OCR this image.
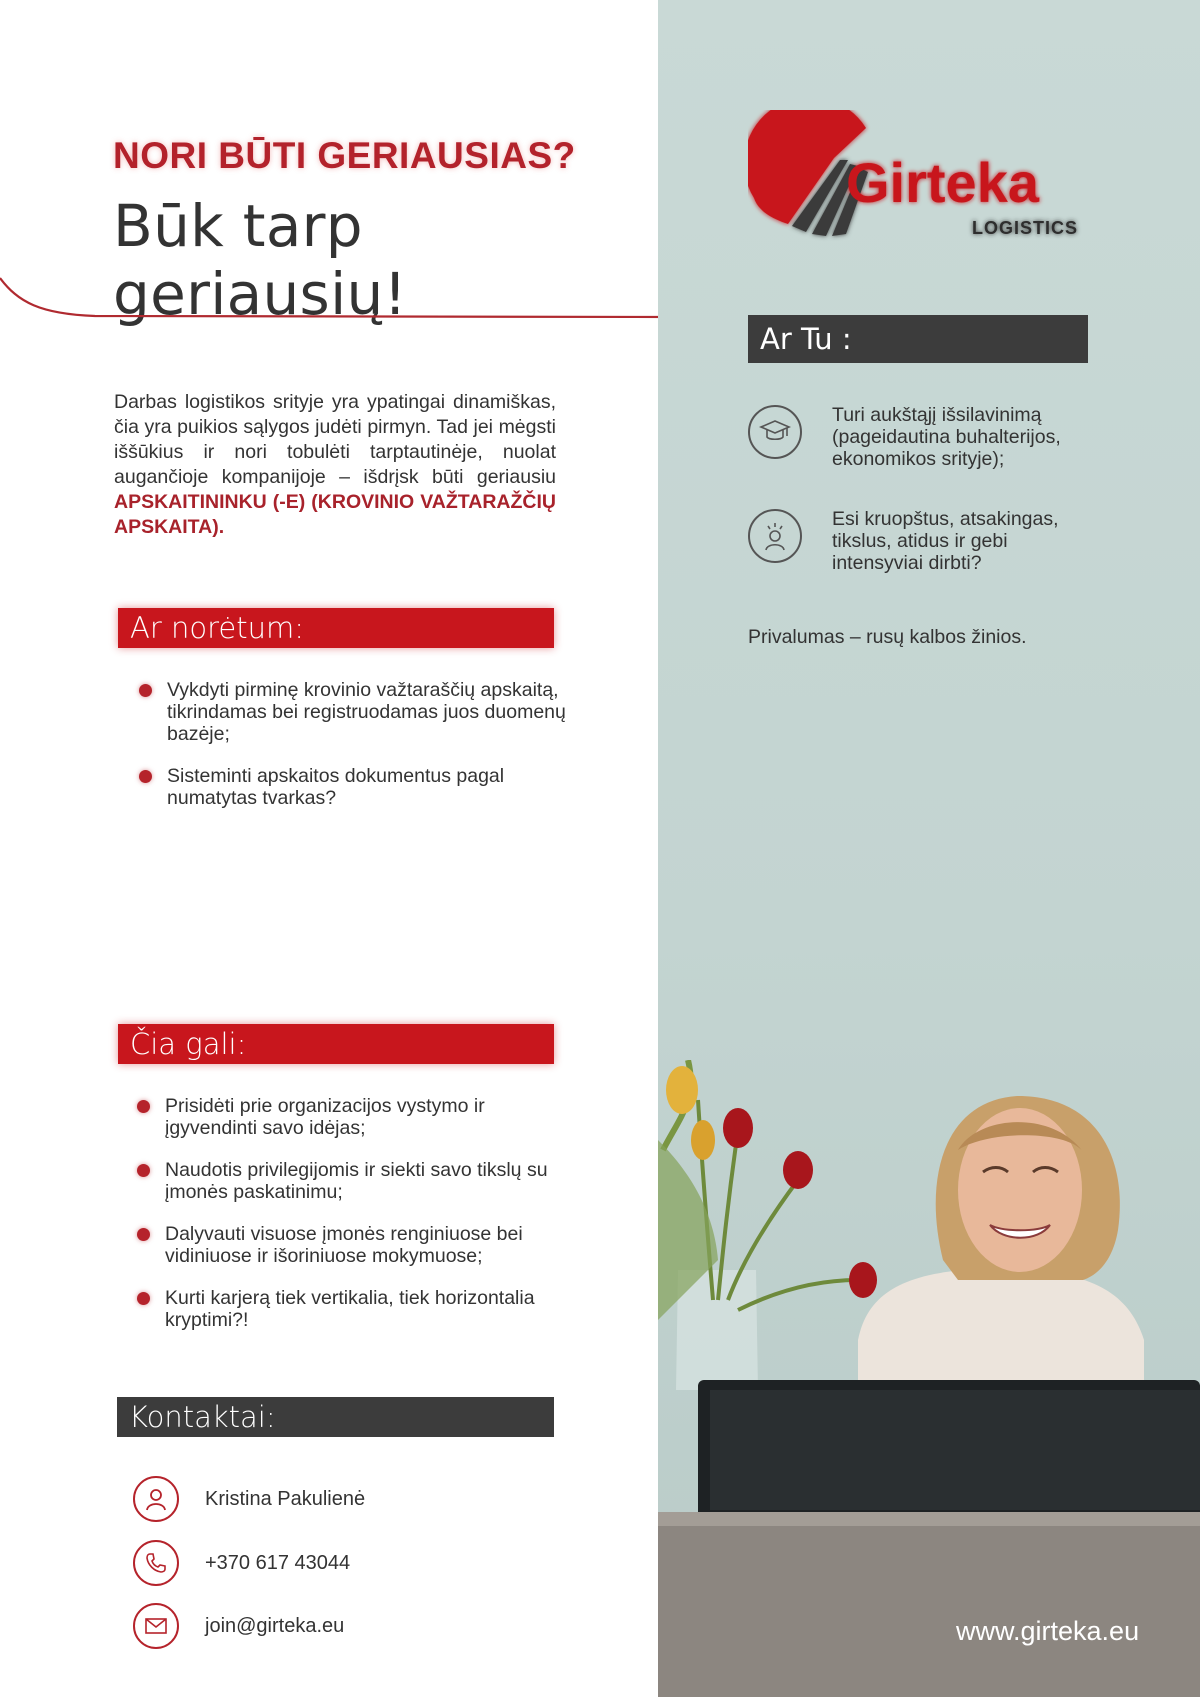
NORI BŪTI GERIAUSIAS?
Būk tarp geriausių!

Darbas logistikos srityje yra ypatingai dinamiškas, čia yra puikios sąlygos judėti pirmyn. Tad jei mėgsti iššūkius ir nori tobulėti tarptautinėje, nuolat augančioje kompanijoje – išdrįsk būti geriausiu APSKAITININKU (-E) (KROVINIO VAŽTARAŽČIŲ APSKAITA).

Ar norėtum:
Vykdyti pirminę krovinio važtaraščių apskaitą, tikrindamas bei registruodamas juos duomenų bazėje;
Sisteminti apskaitos dokumentus pagal numatytas tvarkas?
Čia gali:
Prisidėti prie organizacijos vystymo ir įgyvendinti savo idėjas;
Naudotis privilegijomis ir siekti savo tikslų su įmonės paskatinimu;
Dalyvauti visuose įmonės renginiuose bei vidiniuose ir išoriniuose mokymuose;
Kurti karjerą tiek vertikalia, tiek horizontalia kryptimi?!
Kontaktai:
Kristina Pakulienė
+370 617 43044
join@girteka.eu
Girteka
LOGISTICS
Ar Tu :
Turi aukštąjį išsilavinimą (pageidautina buhalterijos, ekonomikos srityje);
Esi kruopštus, atsakingas, tikslus, atidus ir gebi intensyviai dirbti?
Privalumas – rusų kalbos žinios.
www.girteka.eu
